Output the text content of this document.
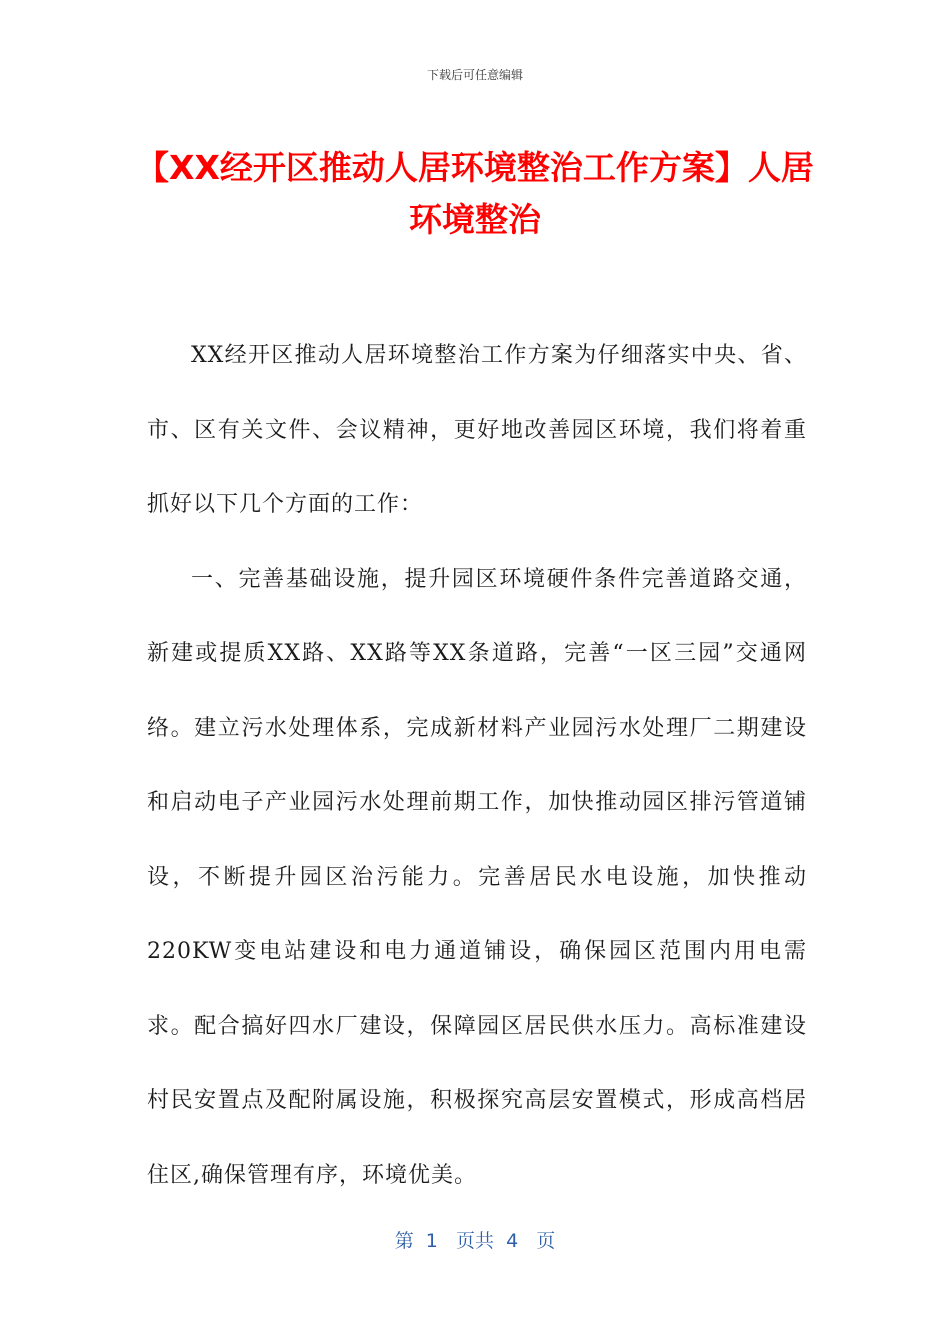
下载后可任意编辑
【XX经开区推动人居环境整治工作方案】人居环境整治

XX经开区推动人居环境整治工作方案为仔细落实中央、省、市、区有关文件、会议精神，更好地改善园区环境，我们将着重抓好以下几个方面的工作：

一、完善基础设施，提升园区环境硬件条件完善道路交通，新建或提质XX路、XX路等XX条道路，完善“一区三园”交通网络。建立污水处理体系，完成新材料产业园污水处理厂二期建设和启动电子产业园污水处理前期工作，加快推动园区排污管道铺设，不断提升园区治污能力。完善居民水电设施，加快推动220KW变电站建设和电力通道铺设，确保园区范围内用电需求。配合搞好四水厂建设，保障园区居民供水压力。高标准建设村民安置点及配附属设施，积极探究高层安置模式，形成高档居住区,确保管理有序，环境优美。

第  1   页共  4   页
